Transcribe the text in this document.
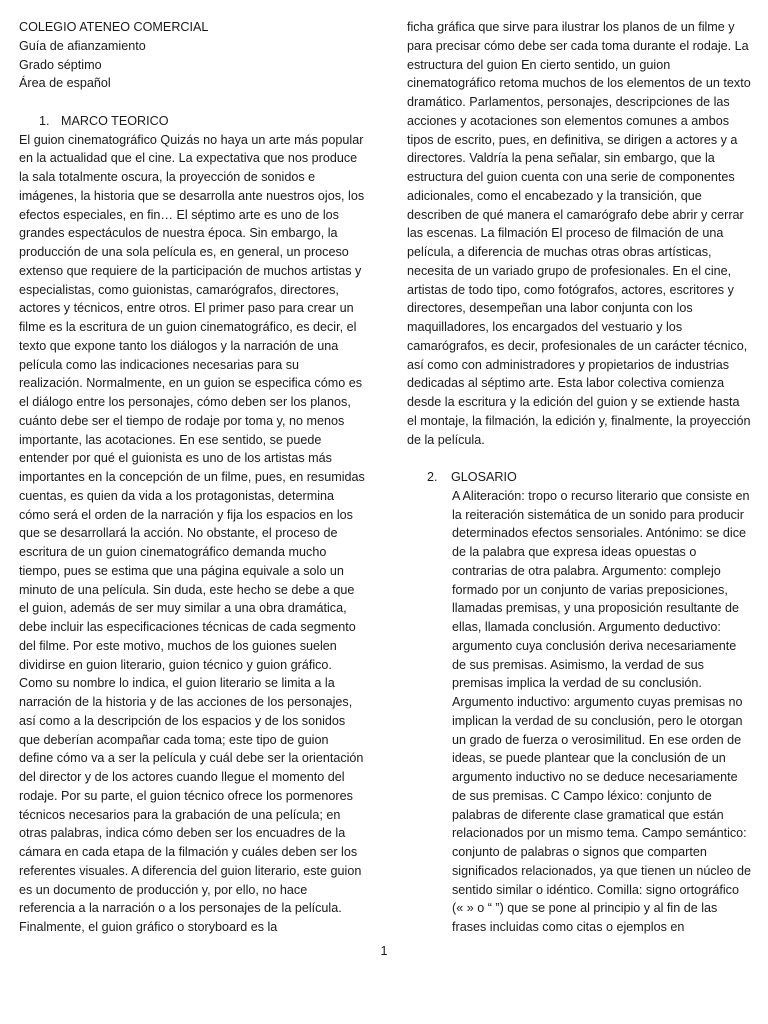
COLEGIO ATENEO COMERCIAL

Guía de afianzamiento

Grado séptimo

Área de español

1. MARCO TEORICO

El guion cinematográfico Quizás no haya un arte más popular en la actualidad que el cine. La expectativa que nos produce la sala totalmente oscura, la proyección de sonidos e imágenes, la historia que se desarrolla ante nuestros ojos, los efectos especiales, en fin… El séptimo arte es uno de los grandes espectáculos de nuestra época. Sin embargo, la producción de una sola película es, en general, un proceso extenso que requiere de la participación de muchos artistas y especialistas, como guionistas, camarógrafos, directores, actores y técnicos, entre otros. El primer paso para crear un filme es la escritura de un guion cinematográfico, es decir, el texto que expone tanto los diálogos y la narración de una película como las indicaciones necesarias para su realización. Normalmente, en un guion se especifica cómo es el diálogo entre los personajes, cómo deben ser los planos, cuánto debe ser el tiempo de rodaje por toma y, no menos importante, las acotaciones. En ese sentido, se puede entender por qué el guionista es uno de los artistas más importantes en la concepción de un filme, pues, en resumidas cuentas, es quien da vida a los protagonistas, determina cómo será el orden de la narración y fija los espacios en los que se desarrollará la acción. No obstante, el proceso de escritura de un guion cinematográfico demanda mucho tiempo, pues se estima que una página equivale a solo un minuto de una película. Sin duda, este hecho se debe a que el guion, además de ser muy similar a una obra dramática, debe incluir las especificaciones técnicas de cada segmento del filme. Por este motivo, muchos de los guiones suelen dividirse en guion literario, guion técnico y guion gráfico. Como su nombre lo indica, el guion literario se limita a la narración de la historia y de las acciones de los personajes, así como a la descripción de los espacios y de los sonidos que deberían acompañar cada toma; este tipo de guion define cómo va a ser la película y cuál debe ser la orientación del director y de los actores cuando llegue el momento del rodaje. Por su parte, el guion técnico ofrece los pormenores técnicos necesarios para la grabación de una película; en otras palabras, indica cómo deben ser los encuadres de la cámara en cada etapa de la filmación y cuáles deben ser los referentes visuales. A diferencia del guion literario, este guion es un documento de producción y, por ello, no hace referencia a la narración o a los personajes de la película. Finalmente, el guion gráfico o storyboard es la

ficha gráfica que sirve para ilustrar los planos de un filme y para precisar cómo debe ser cada toma durante el rodaje. La estructura del guion En cierto sentido, un guion cinematográfico retoma muchos de los elementos de un texto dramático. Parlamentos, personajes, descripciones de las acciones y acotaciones son elementos comunes a ambos tipos de escrito, pues, en definitiva, se dirigen a actores y a directores. Valdría la pena señalar, sin embargo, que la estructura del guion cuenta con una serie de componentes adicionales, como el encabezado y la transición, que describen de qué manera el camarógrafo debe abrir y cerrar las escenas. La filmación El proceso de filmación de una película, a diferencia de muchas otras obras artísticas, necesita de un variado grupo de profesionales. En el cine, artistas de todo tipo, como fotógrafos, actores, escritores y directores, desempeñan una labor conjunta con los maquilladores, los encargados del vestuario y los camarógrafos, es decir, profesionales de un carácter técnico, así como con administradores y propietarios de industrias dedicadas al séptimo arte. Esta labor colectiva comienza desde la escritura y la edición del guion y se extiende hasta el montaje, la filmación, la edición y, finalmente, la proyección de la película.

2. GLOSARIO

A Aliteración: tropo o recurso literario que consiste en la reiteración sistemática de un sonido para producir determinados efectos sensoriales. Antónimo: se dice de la palabra que expresa ideas opuestas o contrarias de otra palabra. Argumento: complejo formado por un conjunto de varias preposiciones, llamadas premisas, y una proposición resultante de ellas, llamada conclusión. Argumento deductivo: argumento cuya conclusión deriva necesariamente de sus premisas. Asimismo, la verdad de sus premisas implica la verdad de su conclusión. Argumento inductivo: argumento cuyas premisas no implican la verdad de su conclusión, pero le otorgan un grado de fuerza o verosimilitud. En ese orden de ideas, se puede plantear que la conclusión de un argumento inductivo no se deduce necesariamente de sus premisas. C Campo léxico: conjunto de palabras de diferente clase gramatical que están relacionados por un mismo tema. Campo semántico: conjunto de palabras o signos que comparten significados relacionados, ya que tienen un núcleo de sentido similar o idéntico. Comilla: signo ortográfico (« » o “ ”) que se pone al principio y al fin de las frases incluidas como citas o ejemplos en

1
